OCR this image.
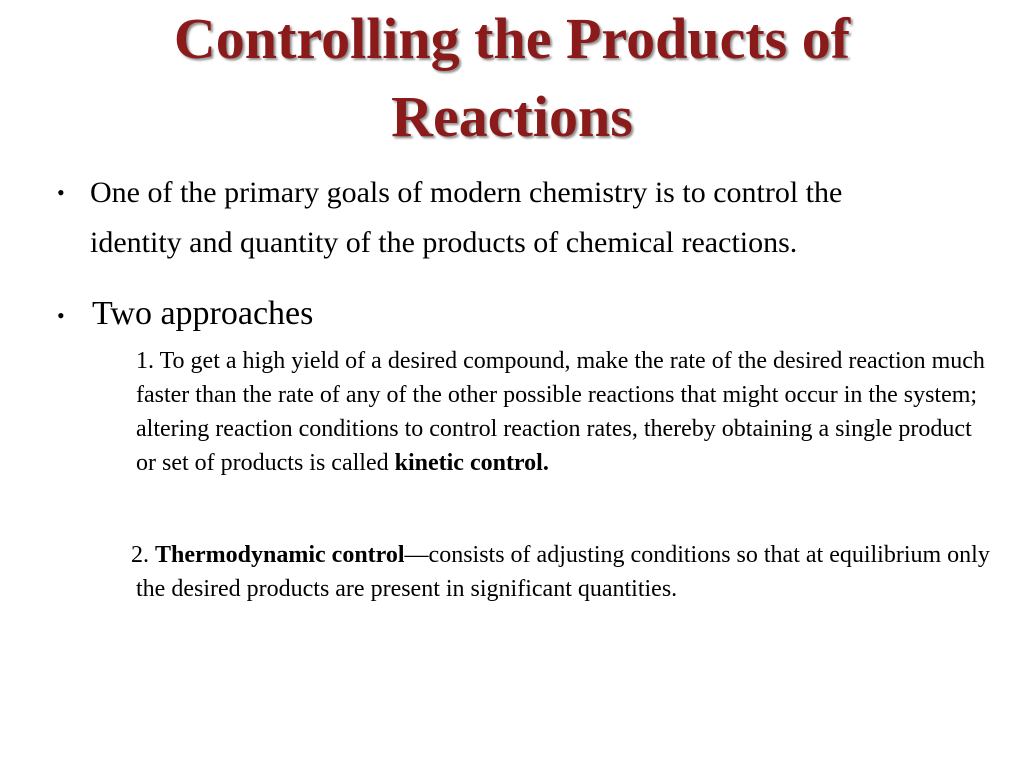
Controlling the Products of
Reactions
• One of the primary goals of modern chemistry is to control the
identity and quantity of the products of chemical reactions.
• Two approaches
1. To get a high yield of a desired compound, make the rate of the desired reaction much faster than the rate of any of the other possible reactions that might occur in the system; altering reaction conditions to control reaction rates, thereby obtaining a single product or set of products is called kinetic control.
2. Thermodynamic control—consists of adjusting conditions so that at equilibrium only the desired products are present in significant quantities.
